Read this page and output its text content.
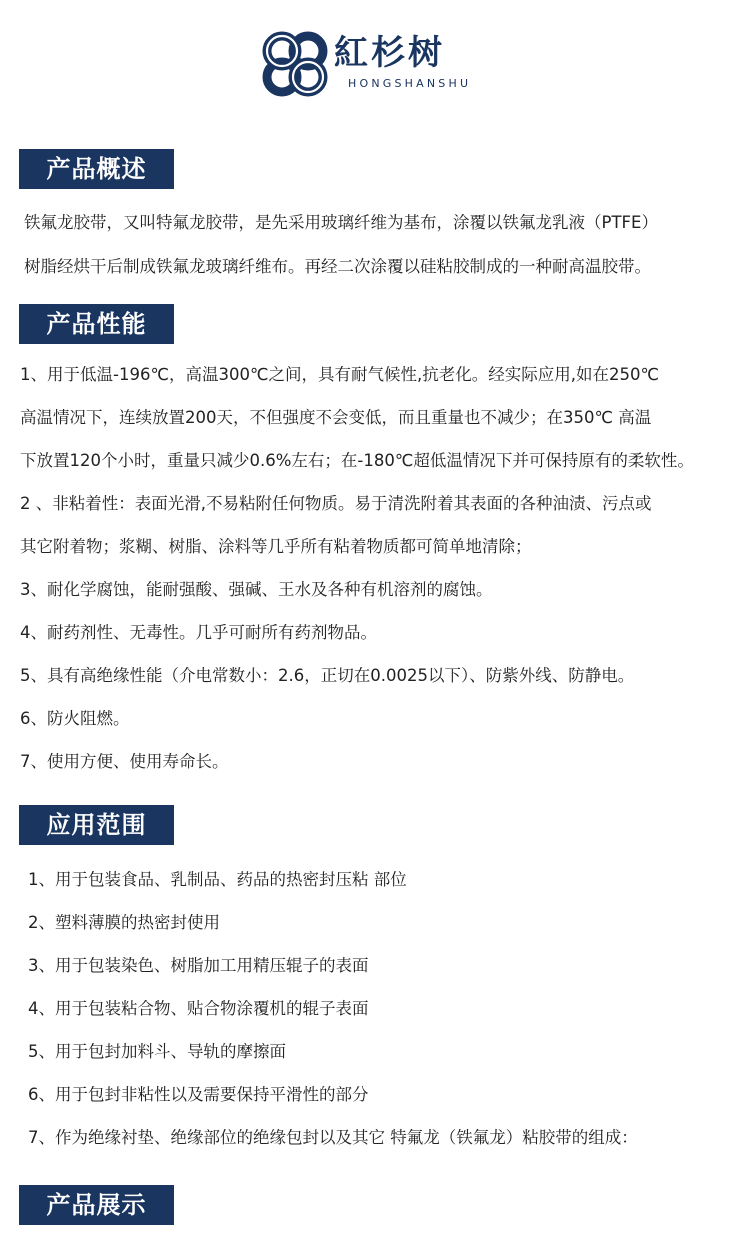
紅杉树
HONGSHANSHU
产品概述
铁氟龙胶带，又叫特氟龙胶带，是先采用玻璃纤维为基布，涂覆以铁氟龙乳液（PTFE）
树脂经烘干后制成铁氟龙玻璃纤维布。再经二次涂覆以硅粘胶制成的一种耐高温胶带。
产品性能
1、用于低温-196℃，高温300℃之间，具有耐气候性,抗老化。经实际应用,如在250℃
高温情况下，连续放置200天，不但强度不会变低，而且重量也不减少；在350℃ 高温
下放置120个小时，重量只减少0.6%左右；在-180℃超低温情况下并可保持原有的柔软性。
2 、非粘着性：表面光滑,不易粘附任何物质。易于清洗附着其表面的各种油渍、污点或
其它附着物；浆糊、树脂、涂料等几乎所有粘着物质都可简单地清除；
3、耐化学腐蚀，能耐强酸、强碱、王水及各种有机溶剂的腐蚀。
4、耐药剂性、无毒性。几乎可耐所有药剂物品。
5、具有高绝缘性能（介电常数小：2.6，正切在0.0025以下）、防紫外线、防静电。
6、防火阻燃。
7、使用方便、使用寿命长。
应用范围
1、用于包装食品、乳制品、药品的热密封压粘 部位
2、塑料薄膜的热密封使用
3、用于包装染色、树脂加工用精压辊子的表面
4、用于包装粘合物、贴合物涂覆机的辊子表面
5、用于包封加料斗、导轨的摩擦面
6、用于包封非粘性以及需要保持平滑性的部分
7、作为绝缘衬垫、绝缘部位的绝缘包封以及其它 特氟龙（铁氟龙）粘胶带的组成：
产品展示
